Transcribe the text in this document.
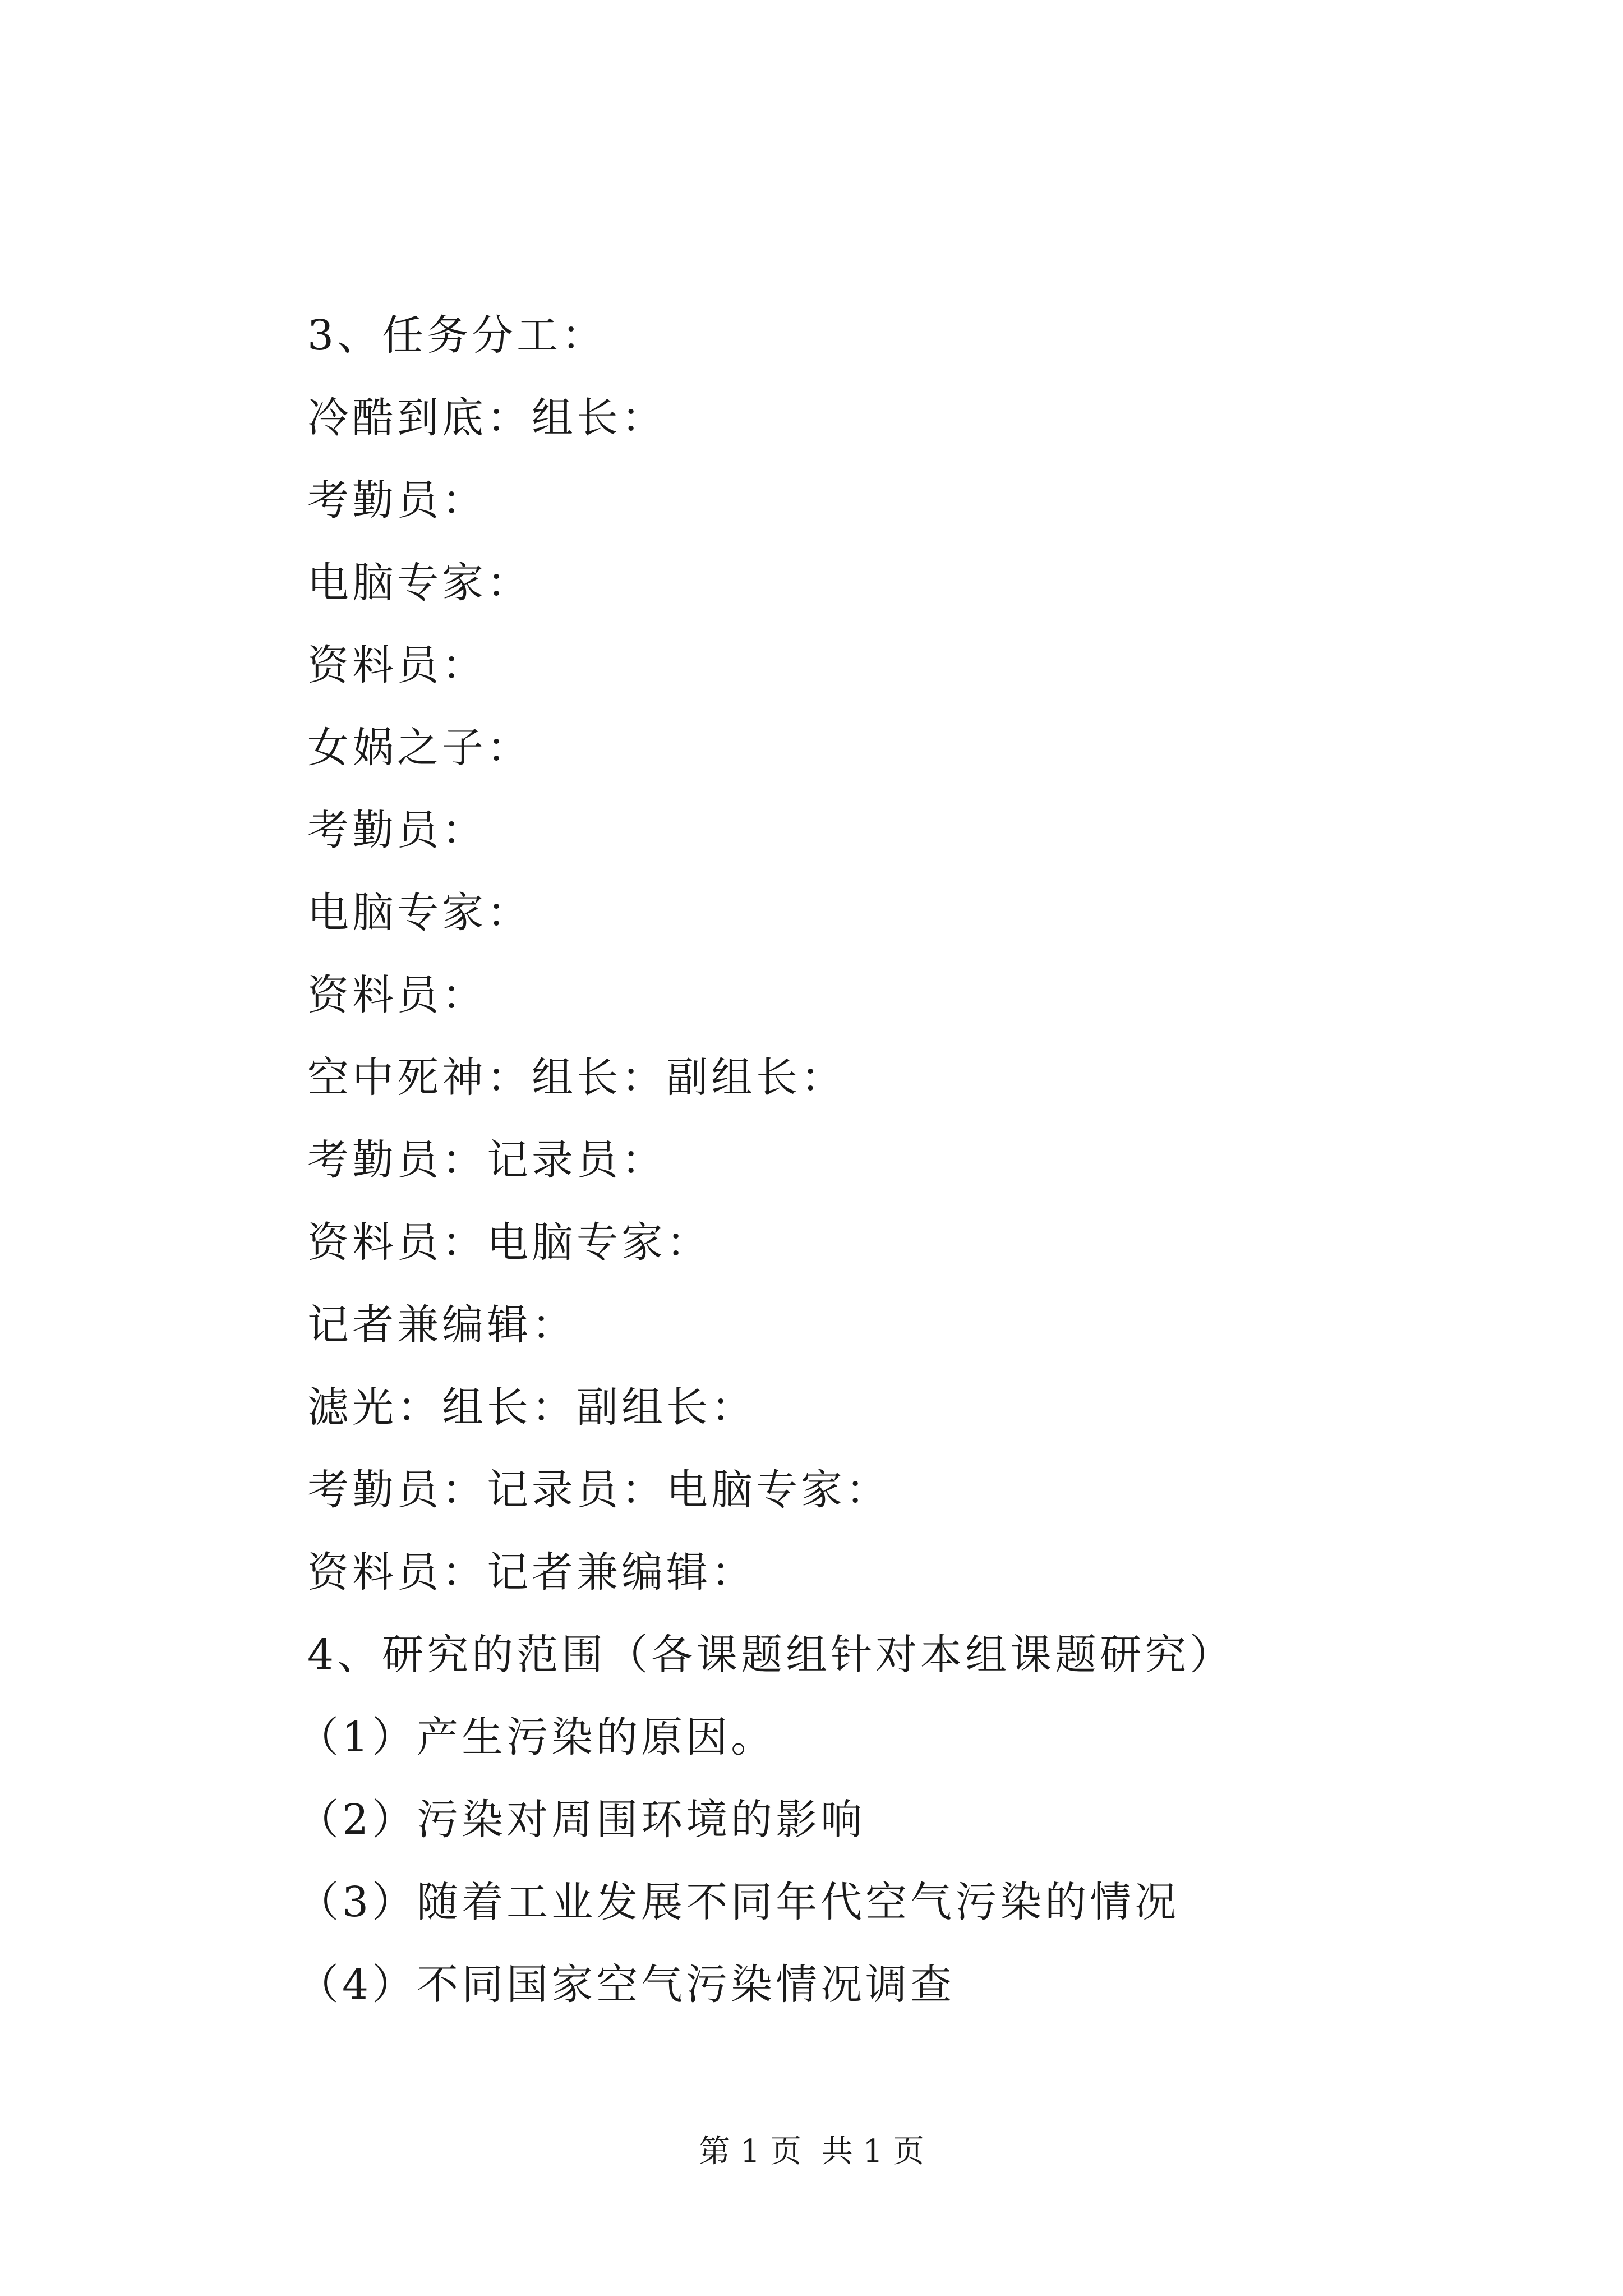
3、任务分工：
冷酷到底：组长：
考勤员：
电脑专家：
资料员：
女娲之子：
考勤员：
电脑专家：
资料员：
空中死神：组长：副组长：
考勤员：记录员：
资料员：电脑专家：
记者兼编辑：
滤光：组长：副组长：
考勤员：记录员：电脑专家：
资料员：记者兼编辑：
4、研究的范围（各课题组针对本组课题研究）
（1）产生污染的原因。
（2）污染对周围环境的影响
（3）随着工业发展不同年代空气污染的情况
（4）不同国家空气污染情况调查
第 1 页  共 1 页
